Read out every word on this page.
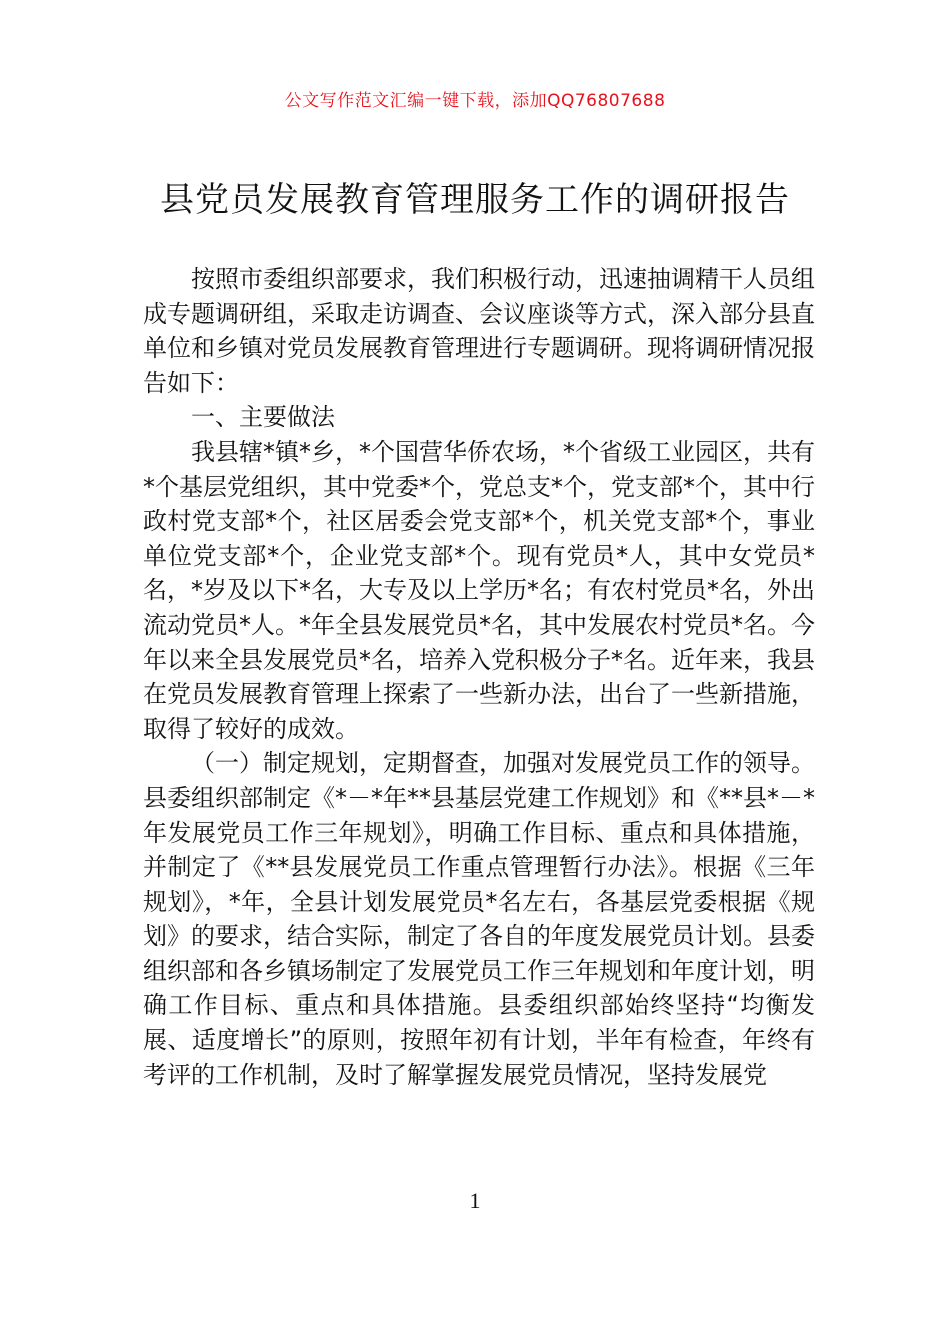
公文写作范文汇编一键下载，添加QQ76807688
县党员发展教育管理服务工作的调研报告

按照市委组织部要求，我们积极行动，迅速抽调精干人员组成专题调研组，采取走访调查、会议座谈等方式，深入部分县直单位和乡镇对党员发展教育管理进行专题调研。现将调研情况报告如下：

一、主要做法

我县辖*镇*乡，*个国营华侨农场，*个省级工业园区，共有*个基层党组织，其中党委*个，党总支*个，党支部*个，其中行政村党支部*个，社区居委会党支部*个，机关党支部*个，事业单位党支部*个，企业党支部*个。现有党员*人，其中女党员*名，*岁及以下*名，大专及以上学历*名；有农村党员*名，外出流动党员*人。*年全县发展党员*名，其中发展农村党员*名。今年以来全县发展党员*名，培养入党积极分子*名。近年来，我县在党员发展教育管理上探索了一些新办法，出台了一些新措施，取得了较好的成效。

（一）制定规划，定期督查，加强对发展党员工作的领导。县委组织部制定《*－*年**县基层党建工作规划》和《**县*－*年发展党员工作三年规划》，明确工作目标、重点和具体措施，并制定了《**县发展党员工作重点管理暂行办法》。根据《三年规划》，*年，全县计划发展党员*名左右，各基层党委根据《规划》的要求，结合实际，制定了各自的年度发展党员计划。县委组织部和各乡镇场制定了发展党员工作三年规划和年度计划，明确工作目标、重点和具体措施。县委组织部始终坚持“均衡发展、适度增长”的原则，按照年初有计划，半年有检查，年终有考评的工作机制，及时了解掌握发展党员情况，坚持发展党

1
